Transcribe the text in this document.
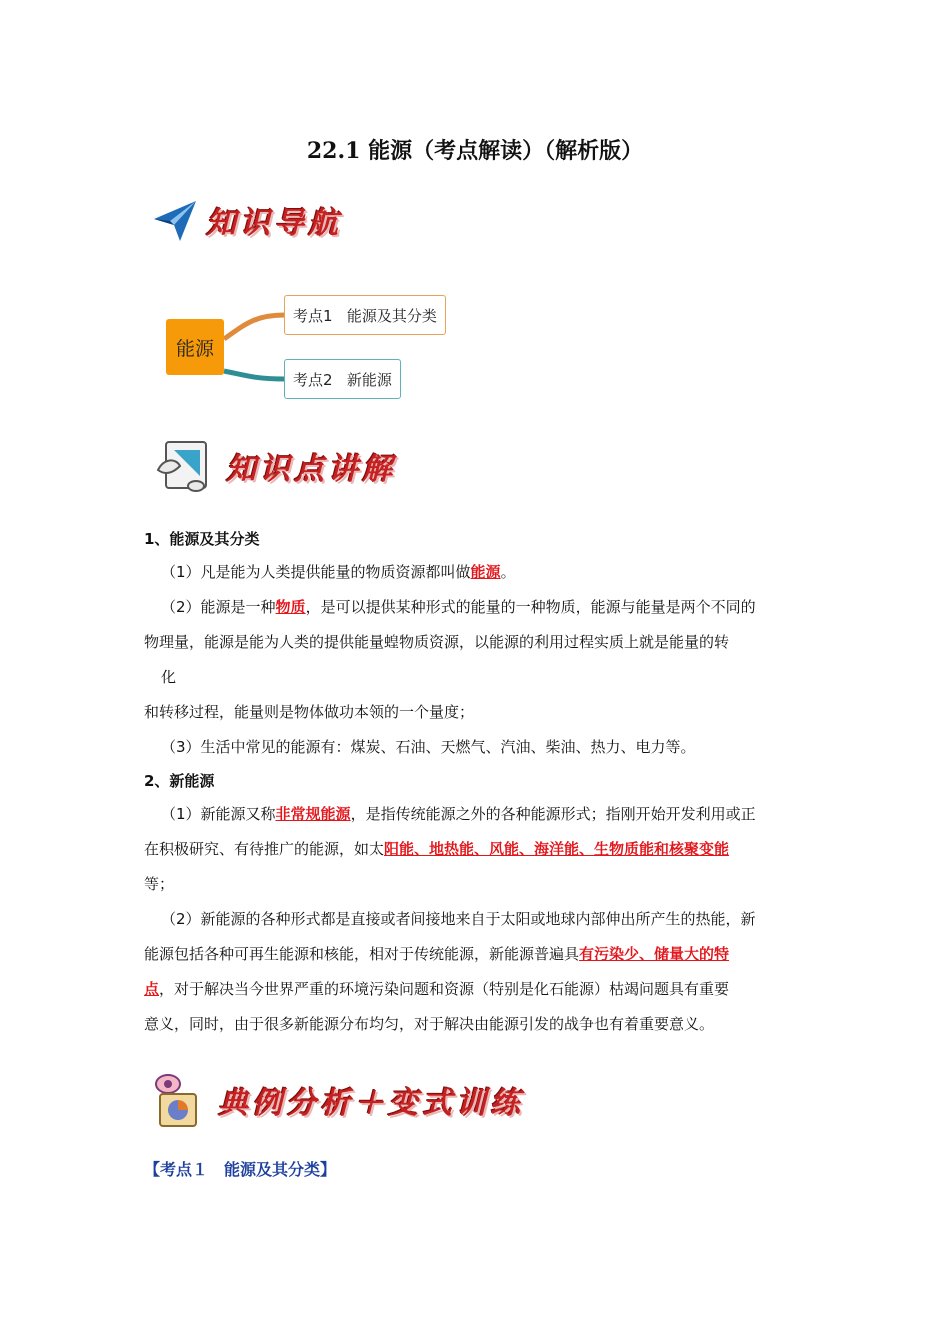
22.1 能源（考点解读）（解析版）
知识导航
能源
考点1   能源及其分类
考点2   新能源
知识点讲解
1、能源及其分类
（1）凡是能为人类提供能量的物质资源都叫做能源。
（2）能源是一种物质，是可以提供某种形式的能量的一种物质，能源与能量是两个不同的
物理量，能源是能为人类的提供能量蝗物质资源，以能源的利用过程实质上就是能量的转
化
和转移过程，能量则是物体做功本领的一个量度；
（3）生活中常见的能源有：煤炭、石油、天燃气、汽油、柴油、热力、电力等。
2、新能源
（1）新能源又称非常规能源，是指传统能源之外的各种能源形式；指刚开始开发利用或正
在积极研究、有待推广的能源，如太阳能、地热能、风能、海洋能、生物质能和核聚变能
等；
（2）新能源的各种形式都是直接或者间接地来自于太阳或地球内部伸出所产生的热能，新
能源包括各种可再生能源和核能，相对于传统能源，新能源普遍具有污染少、储量大的特
点，对于解决当今世界严重的环境污染问题和资源（特别是化石能源）枯竭问题具有重要
意义，同时，由于很多新能源分布均匀，对于解决由能源引发的战争也有着重要意义。
典例分析＋变式训练
【考点１　能源及其分类】
